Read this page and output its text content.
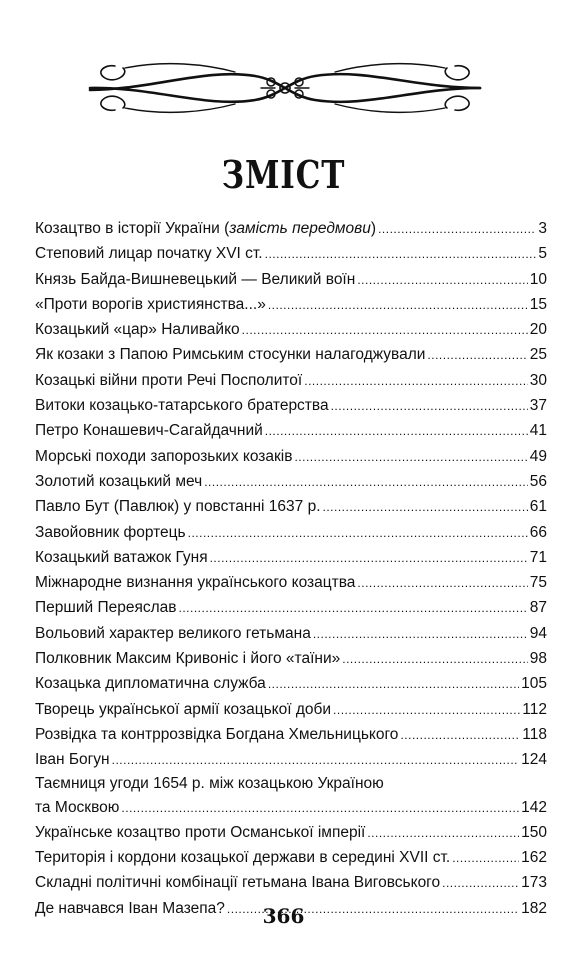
ЗМІСТ
Козацтво в історії України (замість передмови) .....	3
Степовий лицар початку XVI ст. .....	5
Князь Байда-Вишневецький — Великий воїн .....	10
«Проти ворогів християнства...» .....	15
Козацький «цар» Наливайко .....	20
Як козаки з Папою Римським стосунки налагоджували .....	25
Козацькі війни проти Речі Посполитої .....	30
Витоки козацько-татарського братерства .....	37
Петро Конашевич-Сагайдачний .....	41
Морські походи запорозьких козаків .....	49
Золотий козацький меч .....	56
Павло Бут (Павлюк) у повстанні 1637 р. .....	61
Завойовник фортець .....	66
Козацький ватажок Гуня .....	71
Міжнародне визнання українського козацтва .....	75
Перший Переяслав .....	87
Вольовий характер великого гетьмана .....	94
Полковник Максим Кривоніс і його «таїни» .....	98
Козацька дипломатична служба .....	105
Творець української армії козацької доби .....	112
Розвідка та контррозвідка Богдана Хмельницького .....	118
Іван Богун .....	124
Таємниця угоди 1654 р. між козацькою Україною
та Москвою .....	142
Українське козацтво проти Османської імперії .....	150
Територія і кордони козацької держави в середині XVII ст. .....	162
Складні політичні комбінації гетьмана Івана Виговського .....	173
Де навчався Іван Мазепа? .....	182
366
